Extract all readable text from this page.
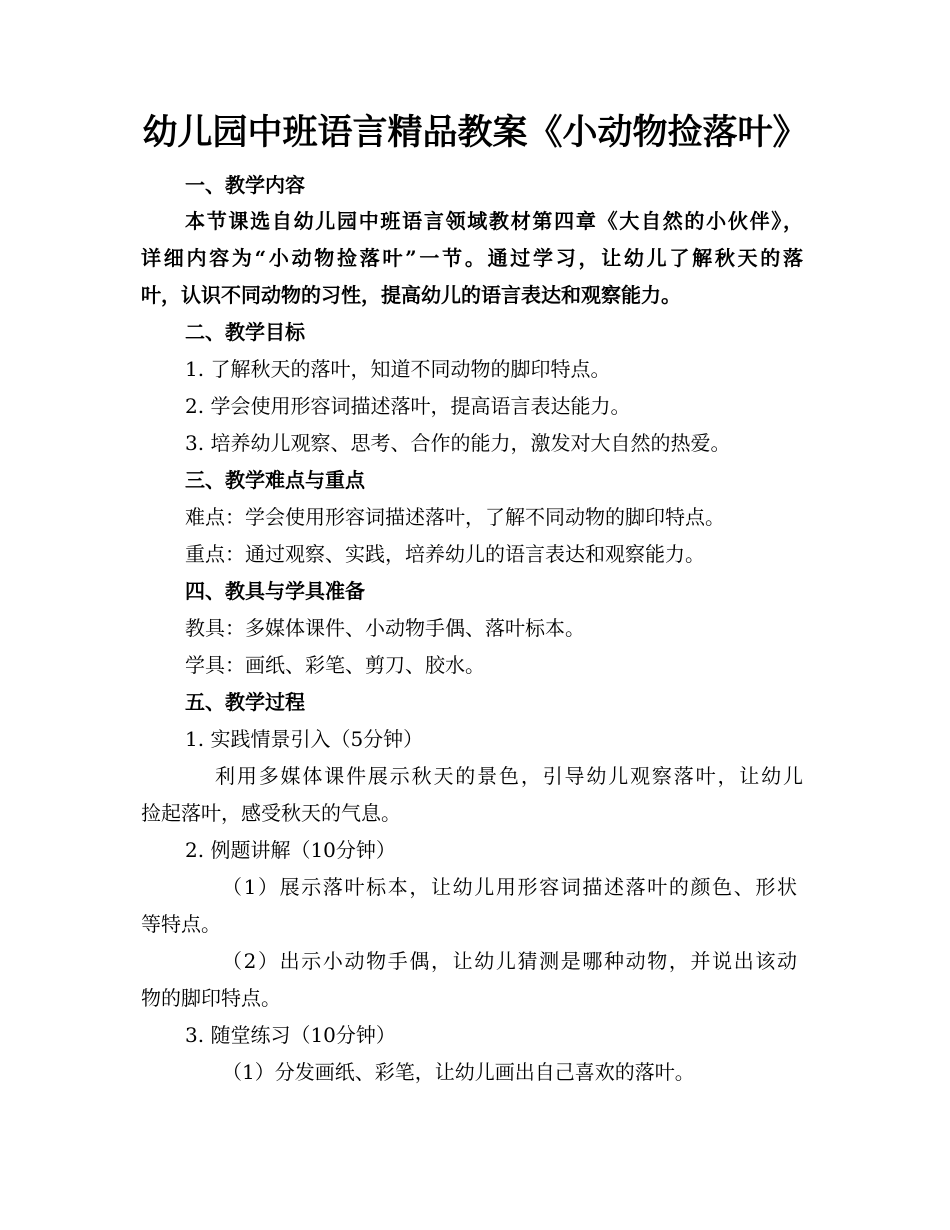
幼儿园中班语言精品教案《小动物捡落叶》
一、教学内容
本节课选自幼儿园中班语言领域教材第四章《大自然的小伙伴》，
详细内容为“小动物捡落叶”一节。通过学习，让幼儿了解秋天的落
叶，认识不同动物的习性，提高幼儿的语言表达和观察能力。
二、教学目标
1. 了解秋天的落叶，知道不同动物的脚印特点。
2. 学会使用形容词描述落叶，提高语言表达能力。
3. 培养幼儿观察、思考、合作的能力，激发对大自然的热爱。
三、教学难点与重点
难点：学会使用形容词描述落叶，了解不同动物的脚印特点。
重点：通过观察、实践，培养幼儿的语言表达和观察能力。
四、教具与学具准备
教具：多媒体课件、小动物手偶、落叶标本。
学具：画纸、彩笔、剪刀、胶水。
五、教学过程
1. 实践情景引入（5分钟）
利用多媒体课件展示秋天的景色，引导幼儿观察落叶，让幼儿
捡起落叶，感受秋天的气息。
2. 例题讲解（10分钟）
（1）展示落叶标本，让幼儿用形容词描述落叶的颜色、形状
等特点。
（2）出示小动物手偶，让幼儿猜测是哪种动物，并说出该动
物的脚印特点。
3. 随堂练习（10分钟）
（1）分发画纸、彩笔，让幼儿画出自己喜欢的落叶。
